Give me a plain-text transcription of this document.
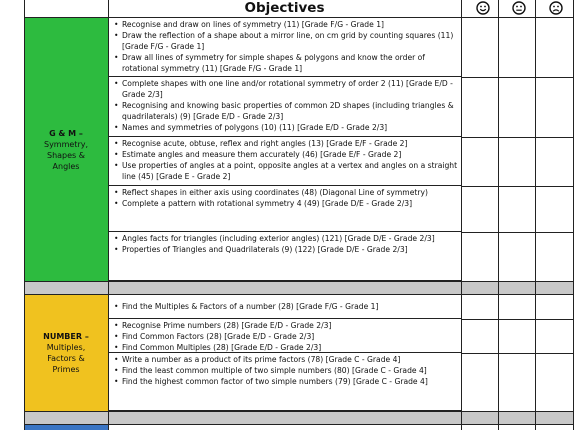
Objectives
G & M –
Symmetry,
Shapes &
Angles
• Recognise and draw on lines of symmetry (11) [Grade F/G - Grade 1]
• Draw the reflection of a shape about a mirror line, on cm grid by counting squares (11) [Grade F/G - Grade 1]
• Draw all lines of symmetry for simple shapes & polygons and know the order of rotational symmetry (11) [Grade F/G - Grade 1]
• Complete shapes with one line and/or rotational symmetry of order 2 (11) [Grade E/D - Grade 2/3]
• Recognising and knowing basic properties of common 2D shapes (including triangles & quadrilaterals) (9) [Grade E/D - Grade 2/3]
• Names and symmetries of polygons (10) (11) [Grade E/D - Grade 2/3]
• Recognise acute, obtuse, reflex and right angles (13) [Grade E/F - Grade 2]
• Estimate angles and measure them accurately (46) [Grade E/F - Grade 2]
• Use properties of angles at a point, opposite angles at a vertex and angles on a straight line (45) [Grade E - Grade 2]
• Reflect shapes in either axis using coordinates (48) (Diagonal Line of symmetry)
• Complete a pattern with rotational symmetry 4 (49) [Grade D/E - Grade 2/3]
• Angles facts for triangles (including exterior angles) (121) [Grade D/E - Grade 2/3]
• Properties of Triangles and Quadrilaterals (9) (122) [Grade D/E - Grade 2/3]
NUMBER –
Multiples,
Factors &
Primes
• Find the Multiples & Factors of a number (28) [Grade F/G - Grade 1]
• Recognise Prime numbers (28) [Grade E/D - Grade 2/3]
• Find Common Factors (28) [Grade E/D - Grade 2/3]
• Find Common Multiples (28) [Grade E/D - Grade 2/3]
• Write a number as a product of its prime factors (78) [Grade C - Grade 4]
• Find the least common multiple of two simple numbers (80) [Grade C - Grade 4]
• Find the highest common factor of two simple numbers (79) [Grade C - Grade 4]
